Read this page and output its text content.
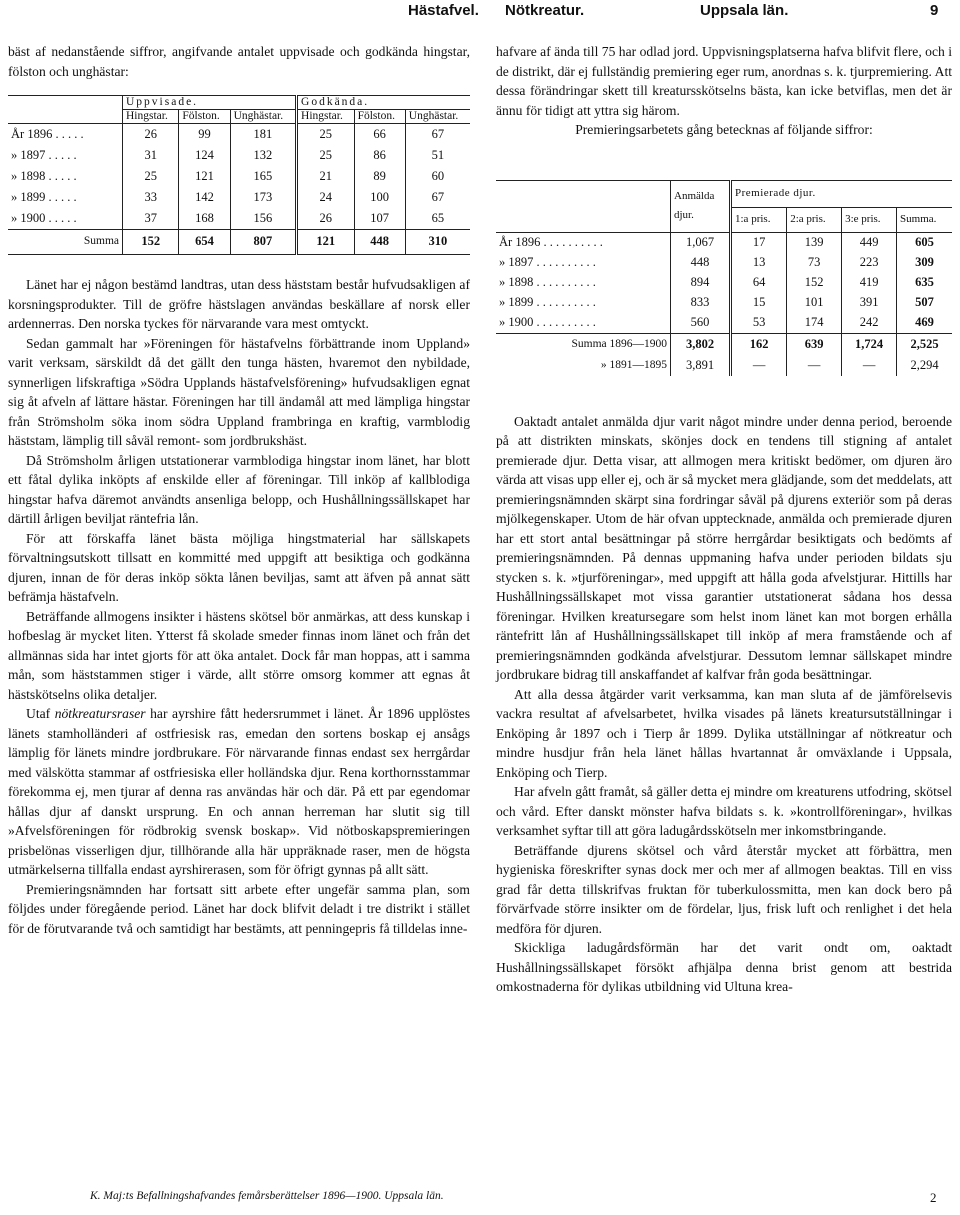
Hästafvel. Nötkreatur.	Uppsala län.	9

bäst af nedanstående siffror, angifvande antalet uppvisade och godkända hingstar, fölston och unghästar:

	Uppvisade.			Godkända.		
	Hingstar.	Fölston.	Unghästar.	Hingstar.	Fölston.	Unghästar.
År 1896 . . . . .	26	99	181	25	66	67
» 1897 . . . . .	31	124	132	25	86	51
» 1898 . . . . .	25	121	165	21	89	60
» 1899 . . . . .	33	142	173	24	100	67
» 1900 . . . . .	37	168	156	26	107	65
Summa	152	654	807	121	448	310

Länet har ej någon bestämd landtras, utan dess häststam består hufvudsakligen af korsningsprodukter. Till de gröfre hästslagen användas beskällare af norsk eller ardennerras. Den norska tyckes för närvarande vara mest omtyckt.

Sedan gammalt har »Föreningen för hästafvelns förbättrande inom Uppland» varit verksam, särskildt då det gällt den tunga hästen, hvaremot den nybildade, synnerligen lifskraftiga »Södra Upplands hästafvelsförening» hufvudsakligen egnat sig åt afveln af lättare hästar. Föreningen har till ändamål att med lämpliga hingstar från Strömsholm söka inom södra Uppland frambringa en kraftig, varmblodig häststam, lämplig till såväl remont- som jordbrukshäst.

Då Strömsholm årligen utstationerar varmblodiga hingstar inom länet, har blott ett fåtal dylika inköpts af enskilde eller af föreningar. Till inköp af kallblodiga hingstar hafva däremot användts ansenliga belopp, och Hushållningssällskapet har därtill årligen beviljat räntefria lån.

För att förskaffa länet bästa möjliga hingstmaterial har sällskapets förvaltningsutskott tillsatt en kommitté med uppgift att besiktiga och godkänna djuren, innan de för deras inköp sökta lånen beviljas, samt att äfven på annat sätt befrämja hästafveln.

Beträffande allmogens insikter i hästens skötsel bör anmärkas, att dess kunskap i hofbeslag är mycket liten. Ytterst få skolade smeder finnas inom länet och från det allmännas sida har intet gjorts för att öka antalet. Dock får man hoppas, att i samma mån, som häststammen stiger i värde, allt större omsorg kommer att egnas åt hästskötselns olika detaljer.

Utaf nötkreatursraser har ayrshire fått hedersrummet i länet. År 1896 upplöstes länets stamholländeri af ostfriesisk ras, emedan den sortens boskap ej ansågs lämplig för länets mindre jordbrukare. För närvarande finnas endast sex herrgårdar med välskötta stammar af ostfriesiska eller holländska djur. Rena korthornsstammar förekomma ej, men tjurar af denna ras användas här och där. På ett par egendomar hållas djur af danskt ursprung. En och annan herreman har slutit sig till »Afvelsföreningen för rödbrokig svensk boskap». Vid nötboskapspremieringen prisbelönas visserligen djur, tillhörande alla här uppräknade raser, men de högsta utmärkelserna tillfalla endast ayrshirerasen, som för öfrigt gynnas på allt sätt.

Premieringsnämnden har fortsatt sitt arbete efter ungefär samma plan, som följdes under föregående period. Länet har dock blifvit deladt i tre distrikt i stället för de förutvarande två och samtidigt har bestämts, att penningepris få tilldelas inne-

hafvare af ända till 75 har odlad jord. Uppvisningsplatserna hafva blifvit flere, och i de distrikt, där ej fullständig premiering eger rum, anordnas s. k. tjurpremiering. Att dessa förändringar skett till kreatursskötselns bästa, kan icke betviflas, men det är ännu för tidigt att yttra sig härom.

Premieringsarbetets gång betecknas af följande siffror:

	Anmälda djur.	Premierade djur.			
		1:a pris.	2:a pris.	3:e pris.	Summa.
År 1896 . . . . . . . . . .	1,067	17	139	449	605
» 1897 . . . . . . . . . .	448	13	73	223	309
» 1898 . . . . . . . . . .	894	64	152	419	635
» 1899 . . . . . . . . . .	833	15	101	391	507
» 1900 . . . . . . . . . .	560	53	174	242	469
Summa 1896—1900	3,802	162	639	1,724	2,525
» 1891—1895	3,891	—	—	—	2,294

Oaktadt antalet anmälda djur varit något mindre under denna period, beroende på att distrikten minskats, skönjes dock en tendens till stigning af antalet premierade djur. Detta visar, att allmogen mera kritiskt bedömer, om djuren äro värda att visas upp eller ej, och är så mycket mera glädjande, som det meddelats, att premieringsnämnden skärpt sina fordringar såväl på djurens exteriör som på deras mjölkegenskaper. Utom de här ofvan upptecknade, anmälda och premierade djuren har ett stort antal besättningar på större herrgårdar besiktigats och bedömts af premieringsnämnden. På dennas uppmaning hafva under perioden bildats sju stycken s. k. »tjurföreningar», med uppgift att hålla goda afvelstjurar. Hittills har Hushållningssällskapet mot vissa garantier utstationerat sådana hos dessa föreningar. Hvilken kreatursegare som helst inom länet kan mot borgen erhålla räntefritt lån af Hushållningssällskapet till inköp af mera framstående och af premieringsnämnden godkända afvelstjurar. Dessutom lemnar sällskapet mindre jordbrukare bidrag till anskaffandet af kalfvar från goda besättningar.

Att alla dessa åtgärder varit verksamma, kan man sluta af de jämförelsevis vackra resultat af afvelsarbetet, hvilka visades på länets kreatursutställningar i Enköping år 1897 och i Tierp år 1899. Dylika utställningar af nötkreatur och mindre husdjur från hela länet hållas hvartannat år omväxlande i Uppsala, Enköping och Tierp.

Har afveln gått framåt, så gäller detta ej mindre om kreaturens utfodring, skötsel och vård. Efter danskt mönster hafva bildats s. k. »kontrollföreningar», hvilkas verksamhet syftar till att göra ladugårdsskötseln mer inkomstbringande.

Beträffande djurens skötsel och vård återstår mycket att förbättra, men hygieniska föreskrifter synas dock mer och mer af allmogen beaktas. Till en viss grad får detta tillskrifvas fruktan för tuberkulossmitta, men kan dock bero på förvärfvade större insikter om de fördelar, ljus, frisk luft och renlighet i det hela medföra för djuren.

Skickliga ladugårdsförmän har det varit ondt om, oaktadt Hushållningssällskapet försökt afhjälpa denna brist genom att bestrida omkostnaderna för dylikas utbildning vid Ultuna krea-

K. Maj:ts Befallningshafvandes femårsberättelser 1896—1900. Uppsala län.	2
